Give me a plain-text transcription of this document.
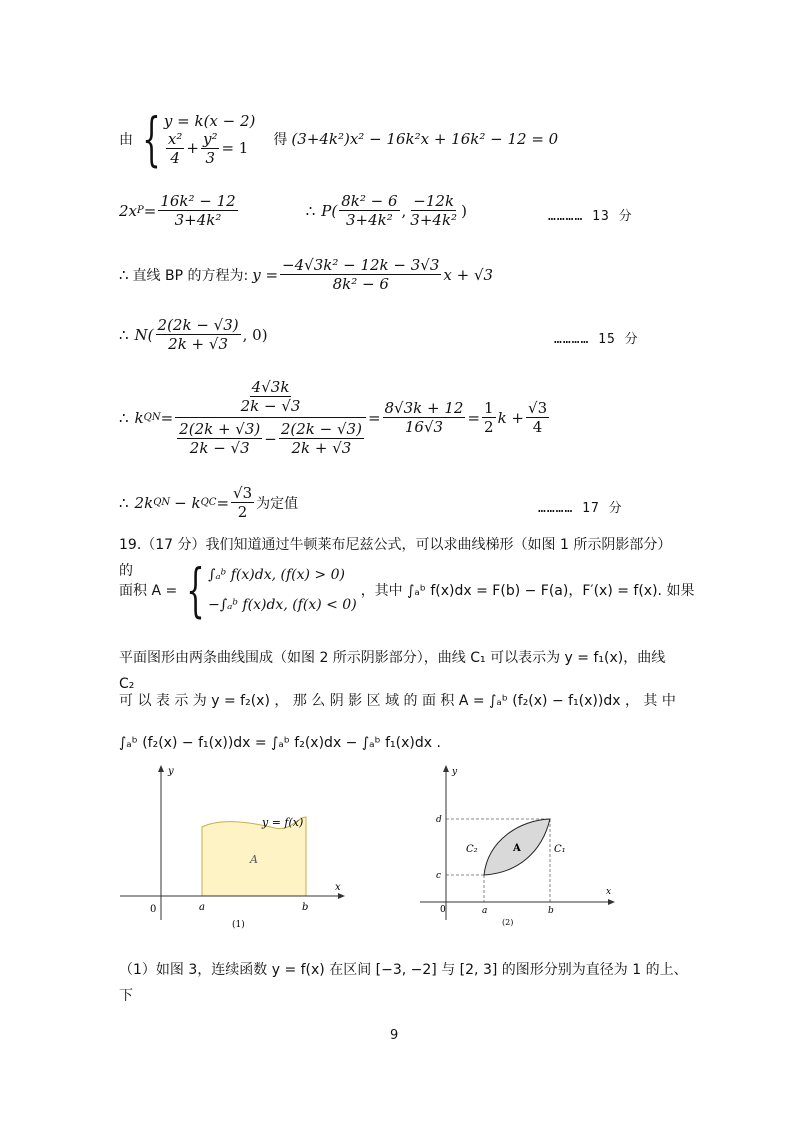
由 { y = k(x − 2)
$\frac{\text{x²}}{4} + \frac{\text{y²}}{3} = 1$ 得 (3+4k²)x² − 16k²x + 16k² − 12 = 0
2x $P = \frac{\text{16k² − 12}}{\text{3+4k²}}$	∴ $P( \frac{\text{8k² − 6}}{\text{3+4k²}}$ , $\frac{-12k}{\text{3+4k²}}$ )	………… 13 分
∴ 直线 BP 的方程为: $y = \frac{\text{−4√3k² − 12k − 3√3}}{\text{8k² − 6}}$ x + √3
∴ $N( \frac{2(2k - √3)}{2k + √3}$ , 0)	………… 15 分
∴ k QN = $\frac{\frac{4√3k}{2k - √3}}{\frac{2(2k + √3)}{2k - √3} - \frac{2(2k - √3)}{2k + √3}} = \frac{8√3k + 12}{16√3} = \frac{1}{2}$ $k + \frac{√3}{4}$
∴ 2k QN − k QC = $\frac{√3}{2}$ 为定值	………… 17 分
19.（17 分）我们知道通过牛顿莱布尼兹公式，可以求曲线梯形（如图 1 所示阴影部分）的
面积 A = { ∫ₐᵇ f(x)dx, (f(x) > 0)
−∫ₐᵇ f(x)dx, (f(x) < 0)
，其中 ∫ₐᵇ f(x)dx = F(b) − F(a)，F′(x) = f(x). 如果
平面图形由两条曲线围成（如图 2 所示阴影部分），曲线 C₁ 可以表示为 y = f₁(x)，曲线 C₂
可 以 表 示 为 y = f₂(x) ， 那 么 阴 影 区 域 的 面 积 A = ∫ₐᵇ (f₂(x) − f₁(x))dx ， 其 中
∫ₐᵇ (f₂(x) − f₁(x))dx = ∫ₐᵇ f₂(x)dx − ∫ₐᵇ f₁(x)dx .
y
x
0	a	b
y = f(x)
A
(1)
y
x
0	a	b
c
d
C₂	C₁
A
(2)
（1）如图 3，连续函数 y = f(x) 在区间 [−3, −2] 与 [2, 3] 的图形分别为直径为 1 的上、下
9
